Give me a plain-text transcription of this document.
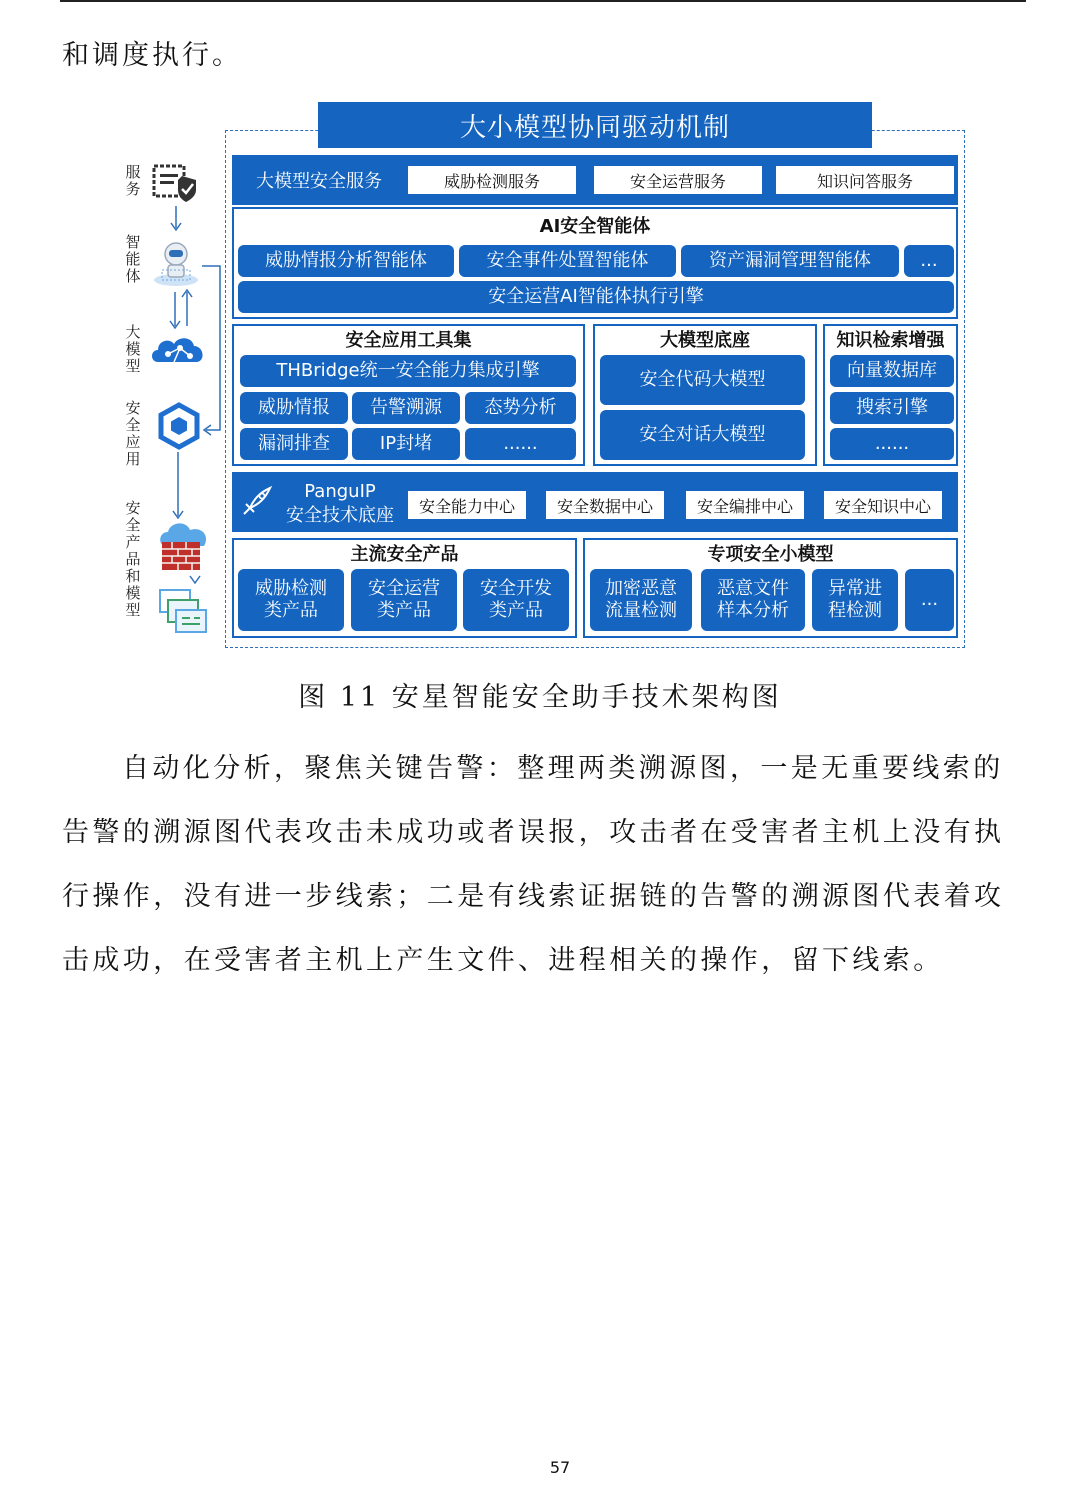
和调度执行。

大小模型协同驱动机制
大模型安全服务	威胁检测服务	安全运营服务	知识问答服务
AI安全智能体
威胁情报分析智能体	安全事件处置智能体	资产漏洞管理智能体	...
安全运营AI智能体执行引擎
安全应用工具集
THBridge统一安全能力集成引擎
威胁情报	告警溯源	态势分析
漏洞排查	IP封堵	......
大模型底座
安全代码大模型
安全对话大模型
知识检索增强
向量数据库
搜索引擎
......
PanguIP
安全技术底座	安全能力中心	安全数据中心	安全编排中心	安全知识中心
主流安全产品
威胁检测
类产品
安全运营
类产品
安全开发
类产品
专项安全小模型
加密恶意
流量检测
恶意文件
样本分析
异常进
程检测
...
服务
智能体
大模型
安全应用
安全产品和模型
图 11 安星智能安全助手技术架构图

自动化分析，聚焦关键告警：整理两类溯源图，一是无重要线索的告警的溯源图代表攻击未成功或者误报，攻击者在受害者主机上没有执行操作，没有进一步线索；二是有线索证据链的告警的溯源图代表着攻击成功，在受害者主机上产生文件、进程相关的操作，留下线索。

57
